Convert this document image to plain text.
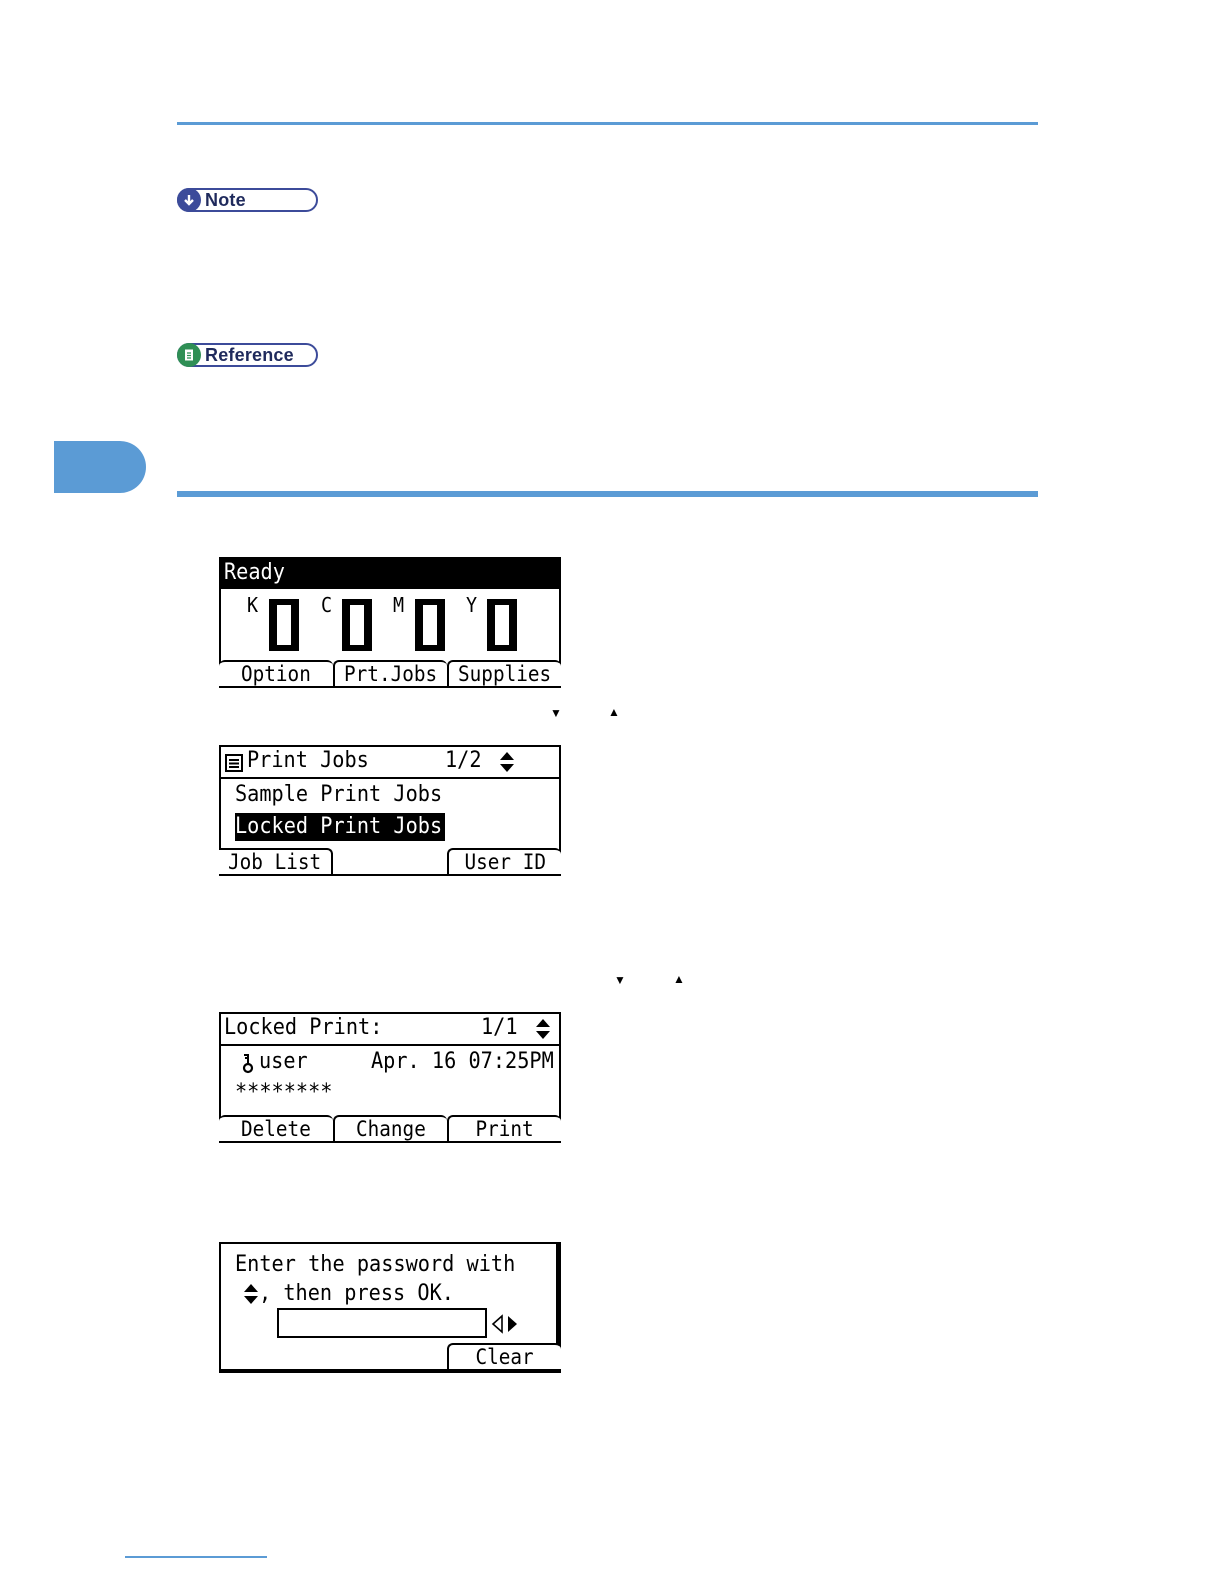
Note
Reference
▼	▲
▼	▲
Ready
K	C	M	Y
Option	Prt.Jobs Supplies
Print Jobs	1/2
Sample Print Jobs
Locked Print Jobs
Job List	User ID
Locked Print:	1/1
user	Apr. 16 07:25PM
********
Delete	Change	Print
Enter the password with
, then press OK.
Clear
